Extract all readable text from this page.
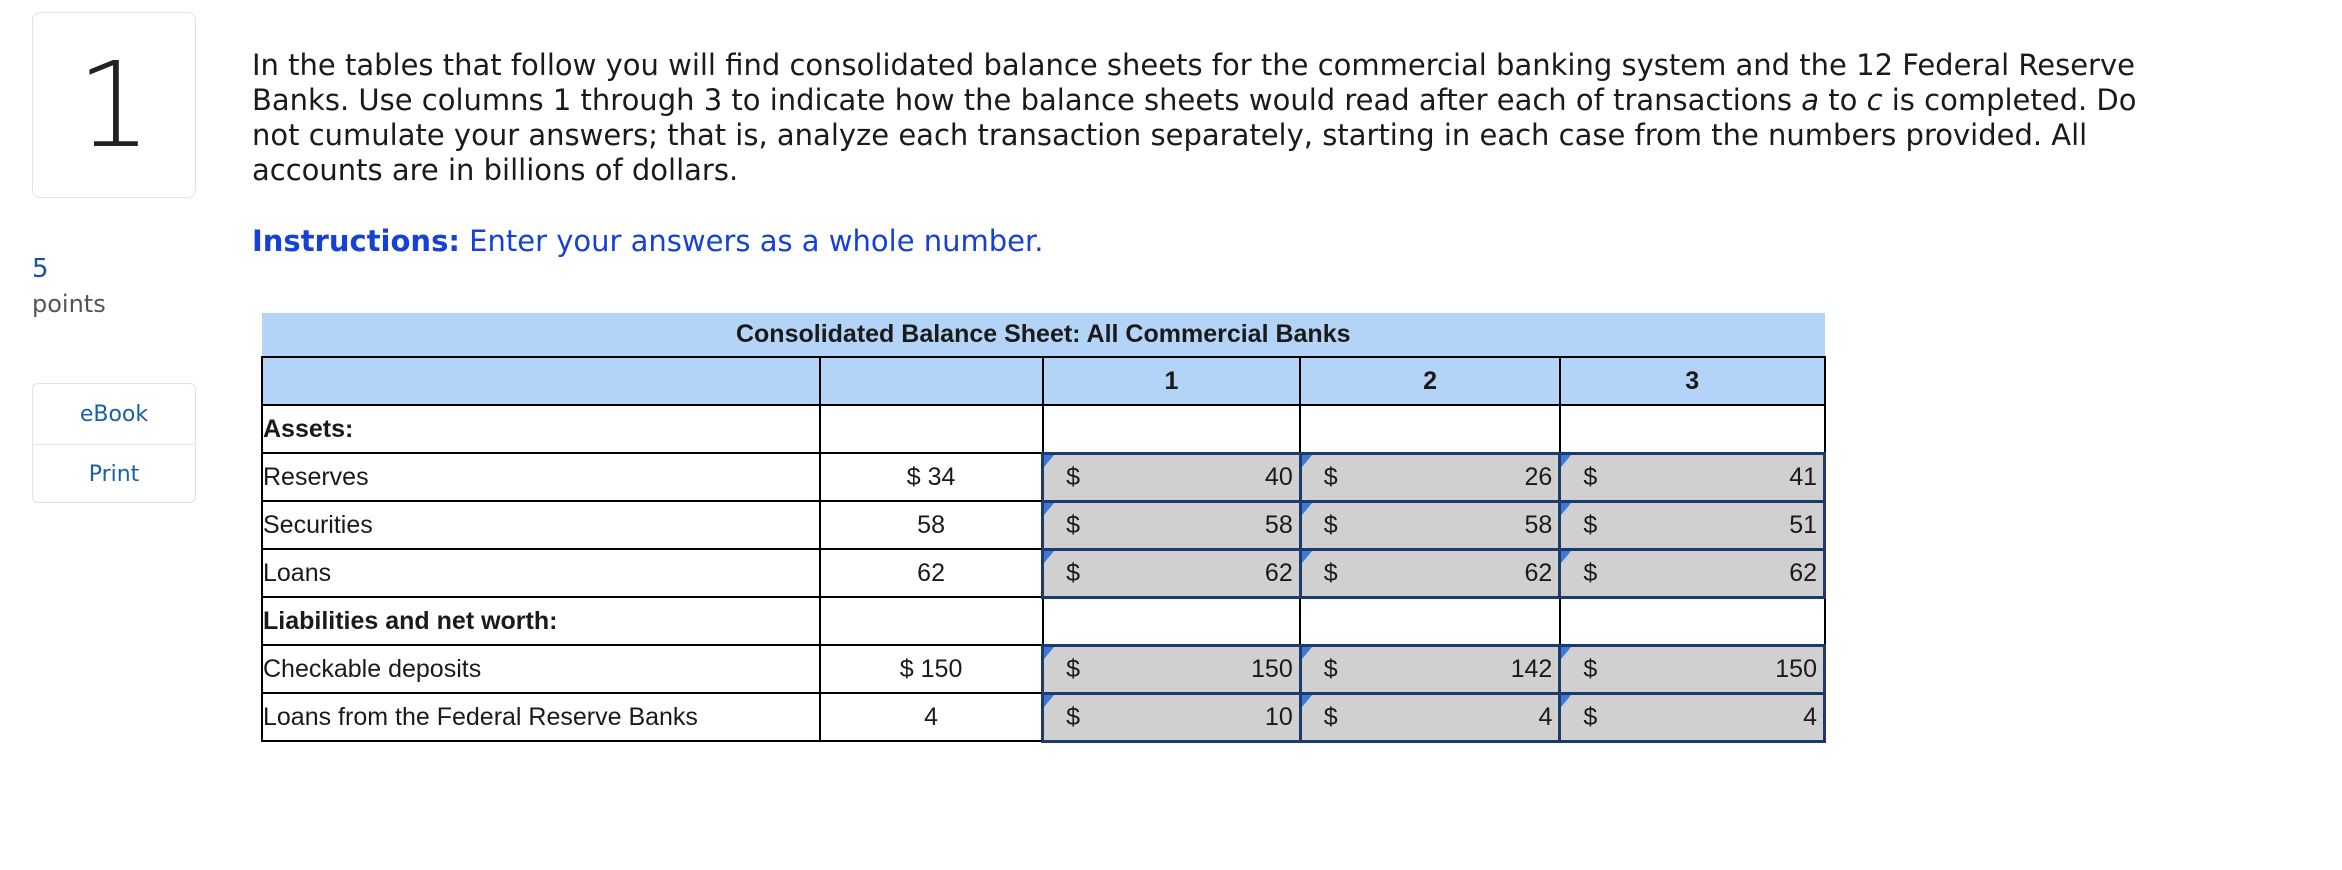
1
5
points
eBook
Print
In the tables that follow you will find consolidated balance sheets for the commercial banking system and the 12 Federal Reserve Banks. Use columns 1 through 3 to indicate how the balance sheets would read after each of transactions a to c is completed. Do not cumulate your answers; that is, analyze each transaction separately, starting in each case from the numbers provided. All accounts are in billions of dollars.
Instructions: Enter your answers as a whole number.
Consolidated Balance Sheet: All Commercial Banks				
		1	2	3
Assets:				
Reserves	$ 34	$ 40	$ 26	$ 41

Securities	58	$ 58	$ 58	$ 51

Loans	62	$ 62	$ 62	$ 62

Liabilities and net worth:				
Checkable deposits	$ 150	$ 150	$ 142	$ 150

Loans from the Federal Reserve Banks	4	$ 10	$ 4	$ 4
